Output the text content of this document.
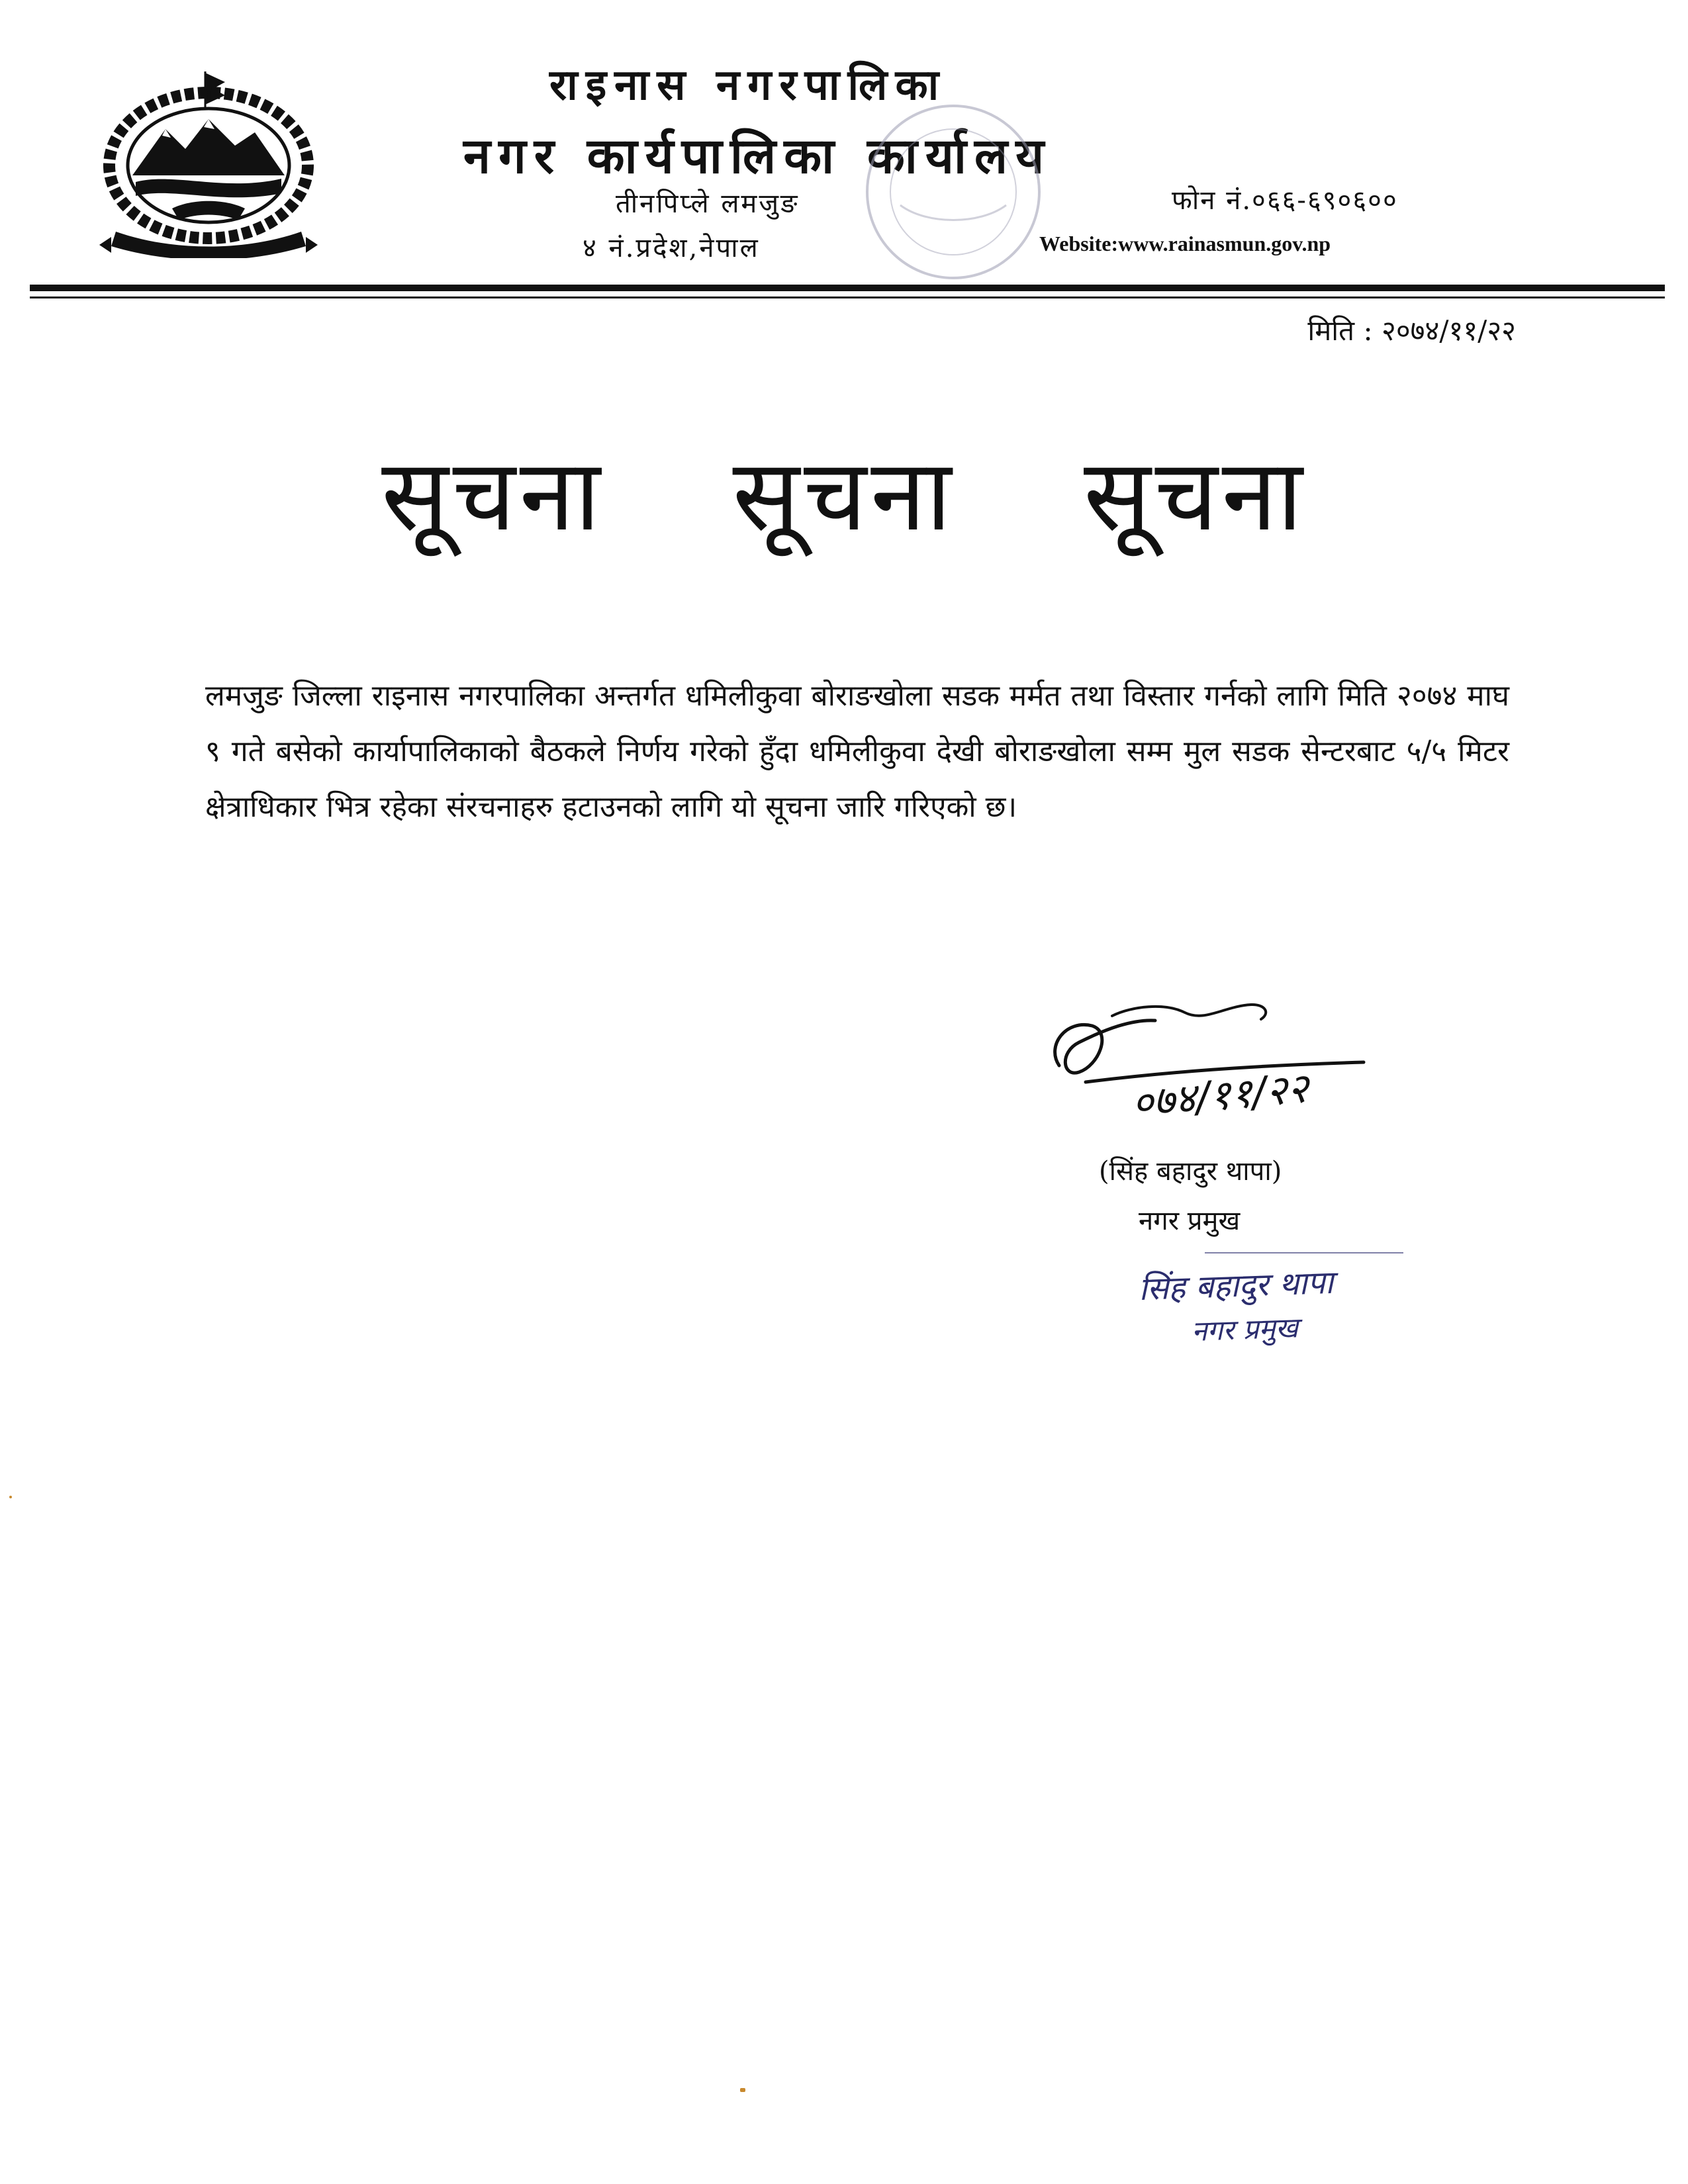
राइनास नगरपालिका
नगर कार्यपालिका कार्यालय
तीनपिप्ले लमजुङ
४ नं.प्रदेश,नेपाल
फोन नं.०६६-६९०६००
Website:www.rainasmun.gov.np
मिति : २०७४/११/२२
सूचना सूचना सूचना
लमजुङ जिल्ला राइनास नगरपालिका अन्तर्गत धमिलीकुवा बोराङखोला सडक मर्मत तथा विस्तार गर्नको लागि मिति २०७४ माघ ९ गते बसेको कार्यापालिकाको बैठकले निर्णय गरेको हुँदा धमिलीकुवा देखी बोराङखोला सम्म मुल सडक सेन्टरबाट ५/५ मिटर क्षेत्राधिकार भित्र रहेका संरचनाहरु हटाउनको लागि यो सूचना जारि गरिएको छ।
०७४/११/२२
(सिंह बहादुर थापा)
नगर प्रमुख
सिंह बहादुर थापा
नगर प्रमुख
